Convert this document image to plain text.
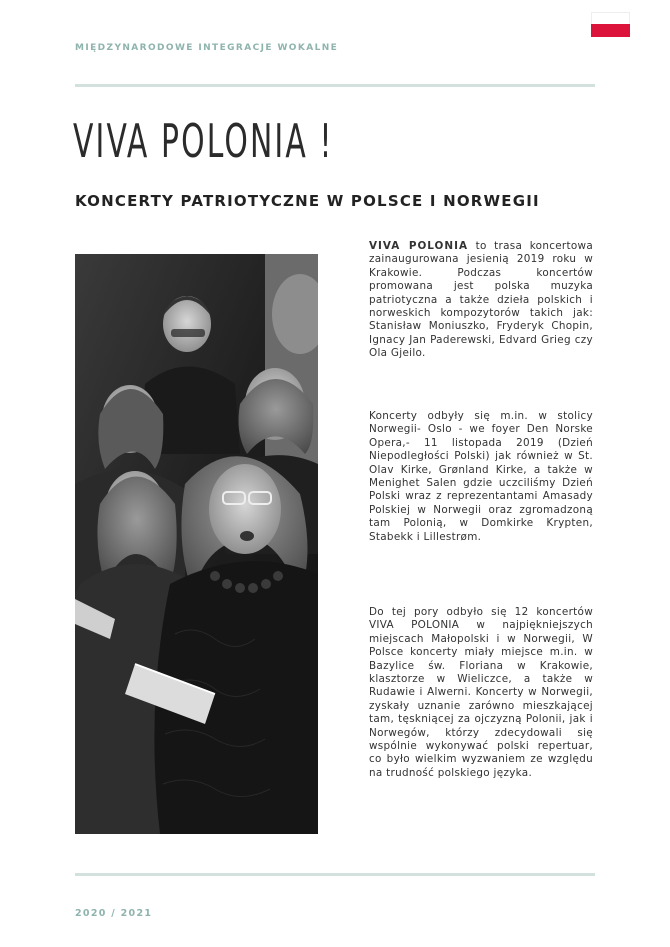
MIĘDZYNARODOWE INTEGRACJE WOKALNE
VIVA POLONIA !
KONCERTY PATRIOTYCZNE W POLSCE I NORWEGII
VIVA POLONIA to trasa koncertowa zainaugurowana jesienią 2019 roku w Krakowie. Podczas koncertów promowana jest polska muzyka patriotyczna a także dzieła polskich i norweskich kompozytorów takich jak: Stanisław Moniuszko, Fryderyk Chopin, Ignacy Jan Paderewski, Edvard Grieg czy Ola Gjeilo.
Koncerty odbyły się m.in. w stolicy Norwegii- Oslo - we foyer Den Norske Opera,- 11 listopada 2019 (Dzień Niepodległości Polski) jak również w St. Olav Kirke, Grønland Kirke, a także w Menighet Salen gdzie uczciliśmy Dzień Polski wraz z reprezentantami Amasady Polskiej w Norwegii oraz zgromadzoną tam Polonią, w Domkirke Krypten, Stabekk i Lillestrøm.
Do tej pory odbyło się 12 koncertów VIVA POLONIA w najpiękniejszych miejscach Małopolski i w Norwegii, W Polsce koncerty miały miejsce m.in. w Bazylice św. Floriana w Krakowie, klasztorze w Wieliczce, a także w Rudawie i Alwerni. Koncerty w Norwegii, zyskały uznanie zarówno mieszkającej tam, tęskniącej za ojczyzną Polonii, jak i Norwegów, którzy zdecydowali się wspólnie wykonywać polski repertuar, co było wielkim wyzwaniem ze względu na trudność polskiego języka.
2020 / 2021
